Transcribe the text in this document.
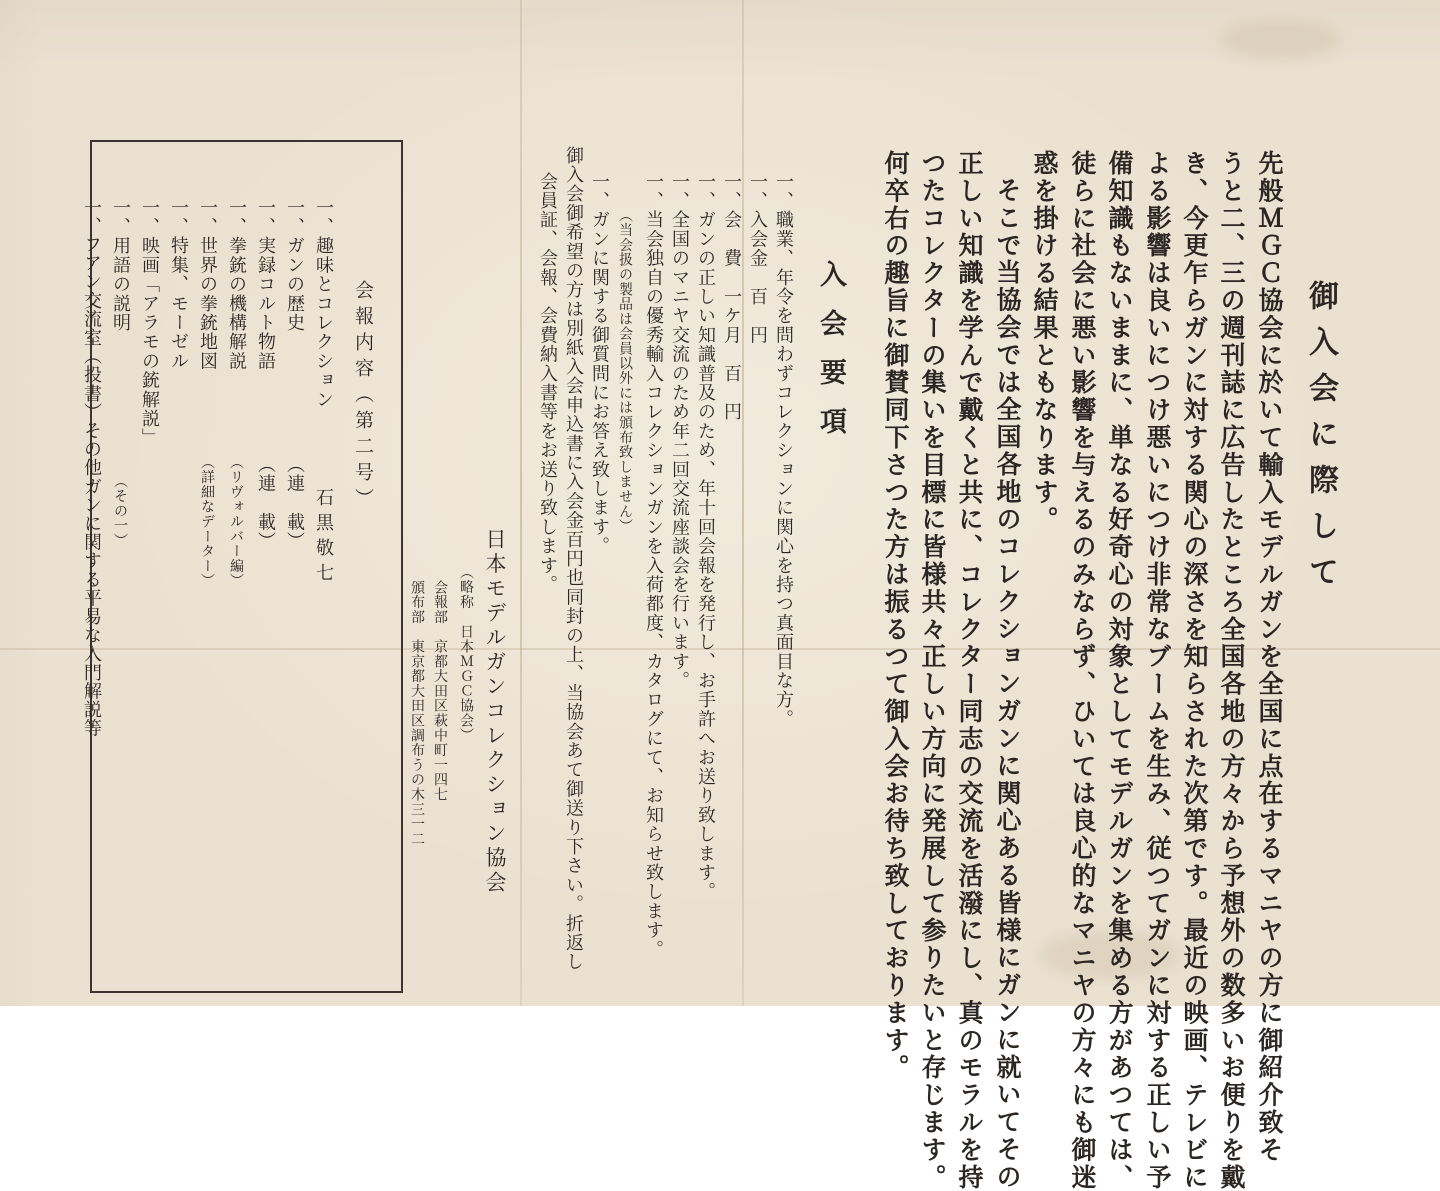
御入会に際して
先般ＭＧＣ協会に於いて輸入モデルガンを全国に点在するマニヤの方に御紹介致そ
うと二、三の週刊誌に広告したところ全国各地の方々から予想外の数多いお便りを戴
き、今更乍らガンに対する関心の深さを知らされた次第です。最近の映画、テレビに
よる影響は良いにつけ悪いにつけ非常なブームを生み、従つてガンに対する正しい予
備知識もないままに、単なる好奇心の対象としてモデルガンを集める方があつては、
徒らに社会に悪い影響を与えるのみならず、ひいては良心的なマニヤの方々にも御迷
惑を掛ける結果ともなります。
そこで当協会では全国各地のコレクションガンに関心ある皆様にガンに就いてその
正しい知識を学んで戴くと共に、コレクター同志の交流を活潑にし、真のモラルを持
つたコレクターの集いを目標に皆様共々正しい方向に発展して参りたいと存じます。
何卒右の趣旨に御賛同下さつた方は振るつて御入会お待ち致しております。
入会要項
一、職業、年令を問わずコレクションに関心を持つ真面目な方。
一、入会金　百　円
一、会　費　一ケ月　百　円
一、ガンの正しい知識普及のため、年十回会報を発行し、お手許へお送り致します。
一、全国のマニヤ交流のため年二回交流座談会を行います。
一、当会独自の優秀輸入コレクションガンを入荷都度、カタログにて、お知らせ致します。
（当会扱の製品は会員以外には頒布致しません）
一、ガンに関する御質問にお答え致します。
御入会御希望の方は別紙入会申込書に入会金百円也同封の上、当協会あて御送り下さい。折返し
会員証、会報、会費納入書等をお送り致します。
日本モデルガンコレクション協会
（略称　日本ＭＧＣ協会）
会報部　京都大田区萩中町一四七
頒布部　東京都大田区調布うの木三一二
会報内容（第二号）
一、趣味とコレクション
石黒敬七
一、ガンの歴史
（連　載）
一、実録コルト物語
（連　載）
一、拳銃の機構解説
（リヴォルバー編）
一、世界の拳銃地図
（詳細なデーター）
一、特集、モーゼル
一、映画「アラモの銃解説」
一、用語の説明
（その一）
一、フアン交流室（投書）その他ガンに関する平易な入門解説等
